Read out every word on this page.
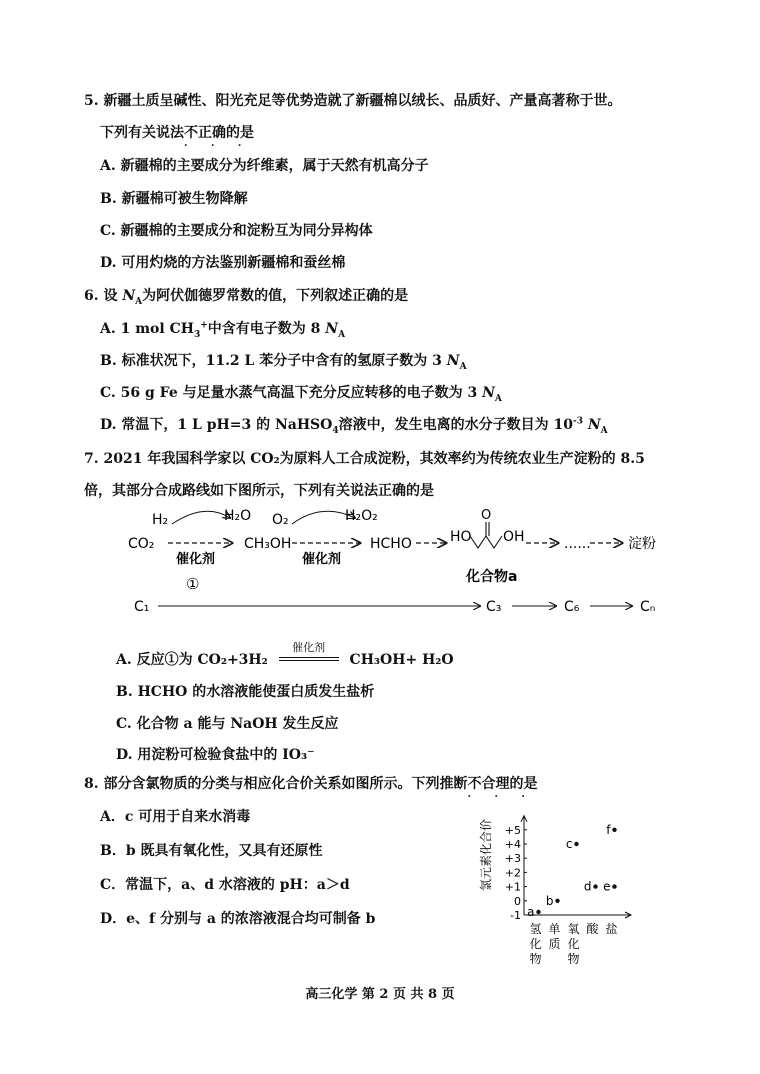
5. 新疆土质呈碱性、阳光充足等优势造就了新疆棉以绒长、品质好、产量高著称于世。
下列有关说法不正确
. . .
的是
A. 新疆棉的主要成分为纤维素，属于天然有机高分子
B. 新疆棉可被生物降解
C. 新疆棉的主要成分和淀粉互为同分异构体
D. 可用灼烧的方法鉴别新疆棉和蚕丝棉
6. 设 $N_A$为阿伏伽德罗常数的值，下列叙述正确的是
A. 1 mol $CH_3^+$中含有电子数为 8 $N_A$
B. 标准状况下，11.2 L 苯分子中含有的氢原子数为 3 $N_A$
C. 56 g Fe 与足量水蒸气高温下充分反应转移的电子数为 3 $N_A$
D. 常温下，1 L pH=3 的 NaHSO$_4$溶液中，发生电离的水分子数目为 $10^{-3}$ $N_A$
7. 2021 年我国科学家以 CO₂为原料人工合成淀粉，其效率约为传统农业生产淀粉的 8.5
倍，其部分合成路线如下图所示，下列有关说法正确的是
H₂	H₂O O₂	H₂O₂
CO₂
催化剂
①
CH₃OH
催化剂
HCHO	HO
O
OH
化合物a
......	淀粉
C₁	C₃	C₆	Cₙ
A. 反应①为 CO₂+3H₂
催化剂
CH₃OH+ H₂O
B. HCHO 的水溶液能使蛋白质发生盐析
C. 化合物 a 能与 NaOH 发生反应
D. 用淀粉可检验食盐中的 IO₃⁻
8. 部分含氯物质的分类与相应化合价关系如图所示。下列推断不合理
. . .
的是
A．c 可用于自来水消毒
B．b 既具有氧化性，又具有还原性
C．常温下，a、d 水溶液的 pH：a＞d
D．e、f 分别与 a 的浓溶液混合均可制备 b	-1
0
+1
+2
+3
+4
+5
氯元素化合价
氢
化
物
单
质
氧
化
物
酸 盐
a
b
c
d e
f
高三化学 第 2 页 共 8 页
